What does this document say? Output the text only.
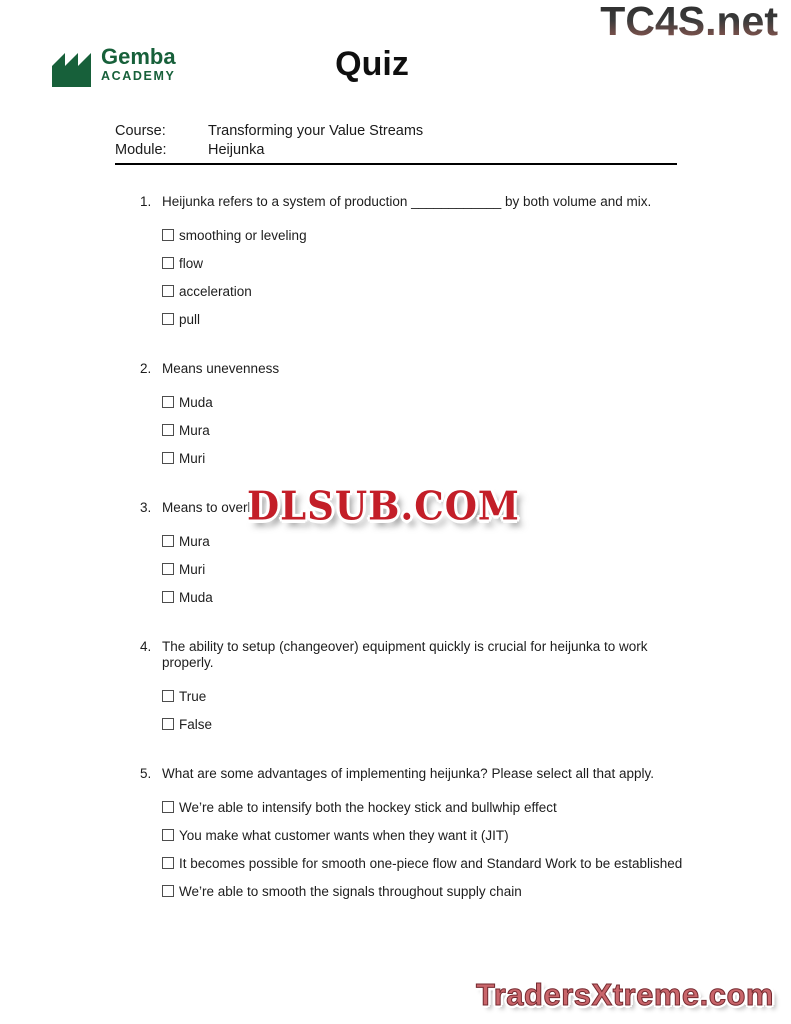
TC4S.net
Gemba
ACADEMY	Quiz
Course:	Transforming your Value Streams
Module:	Heijunka
1. Heijunka refers to a system of production ____________ by both volume and mix.
smoothing or leveling
flow
acceleration
pull
2. Means unevenness
Muda
Mura
Muri
3. Means to overbu
Mura
Muri
Muda
4. The ability to setup (changeover) equipment quickly is crucial for heijunka to work properly.
True
False
5. What are some advantages of implementing heijunka? Please select all that apply.
We’re able to intensify both the hockey stick and bullwhip effect
You make what customer wants when they want it (JIT)
It becomes possible for smooth one-piece flow and Standard Work to be established
We’re able to smooth the signals throughout supply chain
DLSUB.COM
TradersXtreme.com
